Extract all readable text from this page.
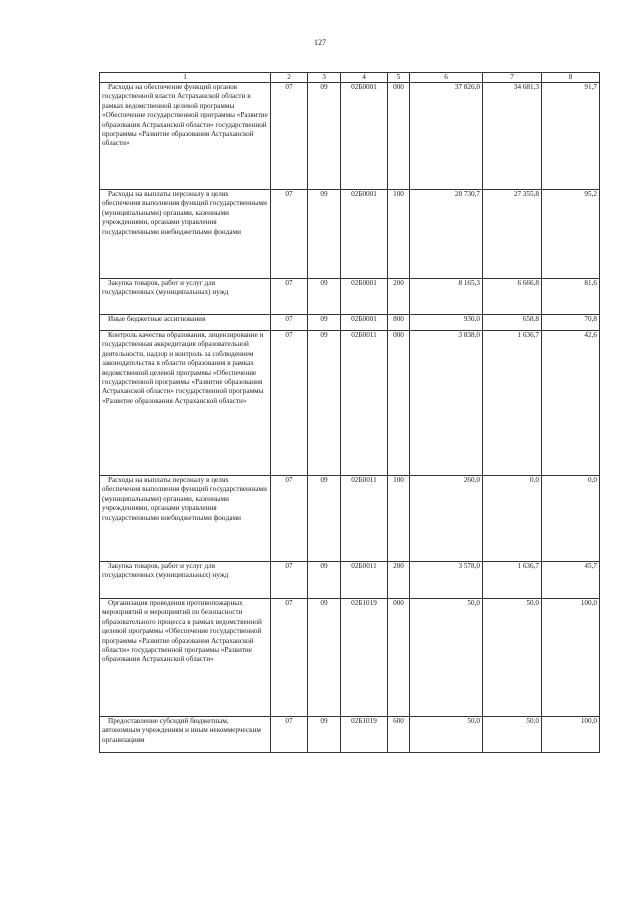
127
1	2	3	4	5	6	7	8

Расходы на обеспечение функций органов государственной власти Астраханской области в рамках ведомственной целевой программы «Обеспечение государственной программы «Развитие образования Астраханской области» государственной программы «Развитие образования Астраханской области»	07	09	02Б0001	000	37 826,0	34 681,3	91,7

Расходы на выплаты персоналу в целях обеспечения выполнения функций государственными (муниципальными) органами, казенными учреждениями, органами управления государственными внебюджетными фондами	07	09	02Б0001	100	28 730,7	27 355,8	95,2

Закупка товаров, работ и услуг для государственных (муниципальных) нужд	07	09	02Б0001	200	8 165,3	6 666,8	81,6

Иные бюджетные ассигнования	07	09	02Б0001	800	930,0	658,8	70,8

Контроль качества образования, лицензирование и государственная аккредитация образовательной деятельности, надзор и контроль за соблюдением законодательства в области образования в рамках ведомственной целевой программы «Обеспечение государственной программы «Развитие образования Астраханской области» государственной программы «Развитие образования Астраханской области»	07	09	02Б0011	000	3 838,0	1 636,7	42,6

Расходы на выплаты персоналу в целях обеспечения выполнения функций государственными (муниципальными) органами, казенными учреждениями, органами управления государственными внебюджетными фондами	07	09	02Б0011	100	260,0	0,0	0,0

Закупка товаров, работ и услуг для государственных (муниципальных) нужд	07	09	02Б0011	200	3 578,0	1 636,7	45,7

Организация проведения противопожарных мероприятий и мероприятий по безопасности образовательного процесса в рамках ведомственной целевой программы «Обеспечение государственной программы «Развитие образования Астраханской области» государственной программы «Развитие образования Астраханской области»	07	09	02Б1019	000	50,0	50,0	100,0

Предоставление субсидий бюджетным, автономным учреждениям и иным некоммерческим организациям	07	09	02Б1019	600	50,0	50,0	100,0
